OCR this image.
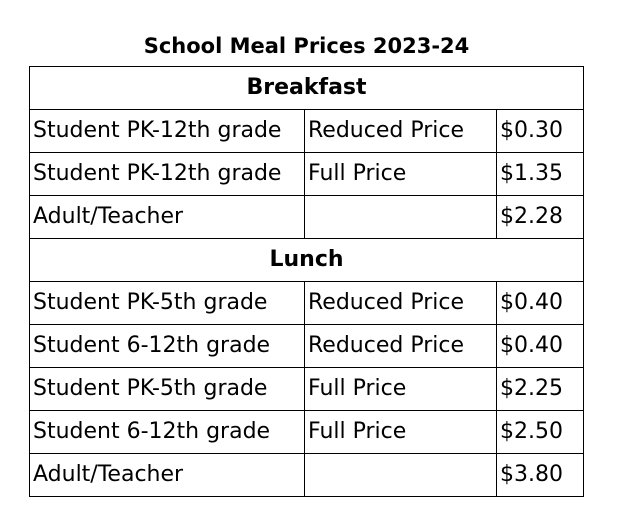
School Meal Prices 2023-24
Breakfast		
Student PK-12th grade	Reduced Price	$0.30
Student PK-12th grade	Full Price	$1.35
Adult/Teacher		$2.28
Lunch		
Student PK-5th grade	Reduced Price	$0.40
Student 6-12th grade	Reduced Price	$0.40
Student PK-5th grade	Full Price	$2.25
Student 6-12th grade	Full Price	$2.50
Adult/Teacher		$3.80
